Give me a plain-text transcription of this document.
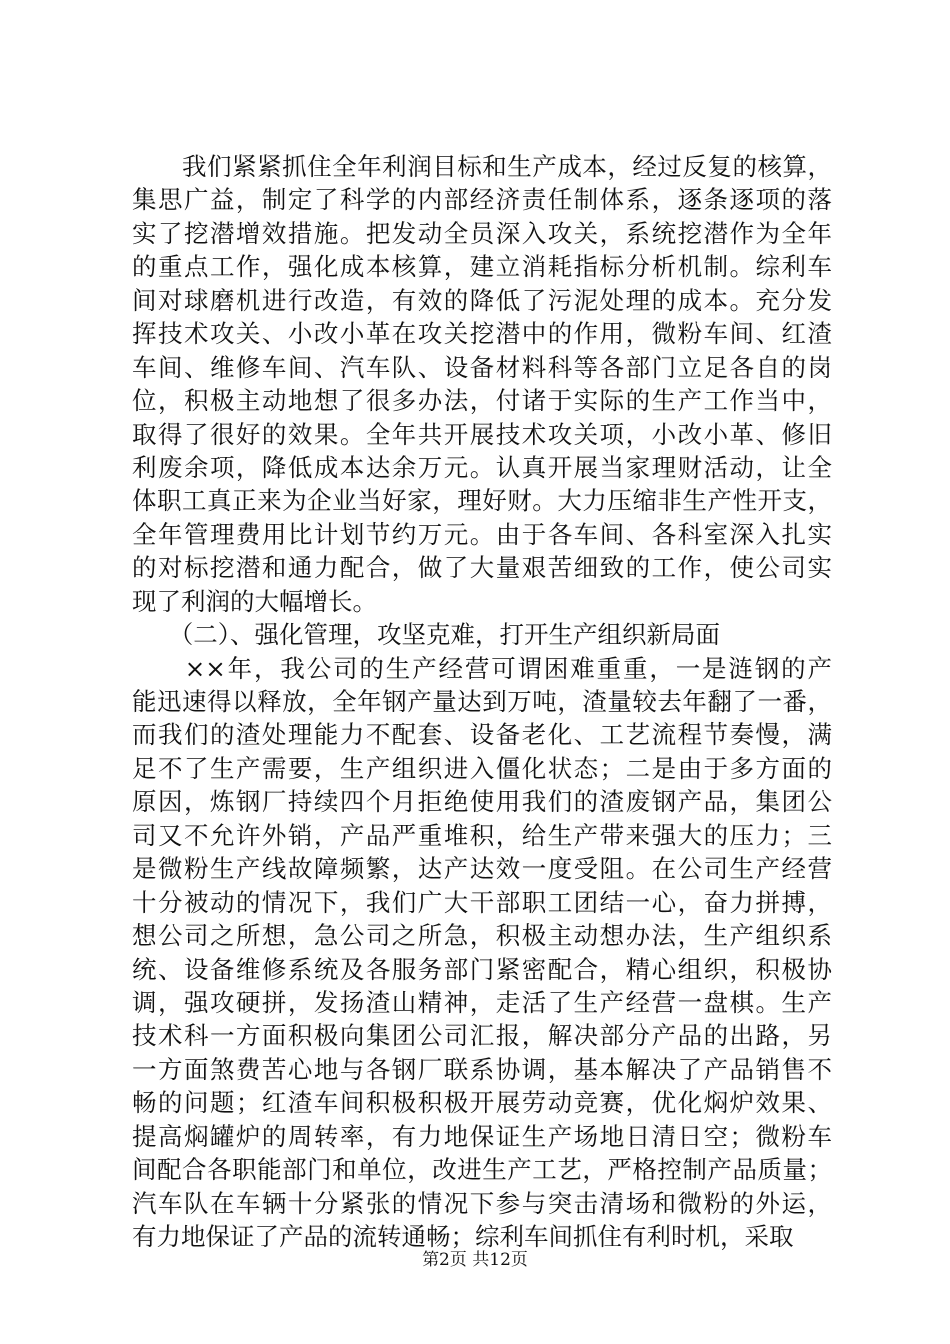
　　我们紧紧抓住全年利润目标和生产成本，经过反复的核算，
集思广益，制定了科学的内部经济责任制体系，逐条逐项的落
实了挖潜增效措施。把发动全员深入攻关，系统挖潜作为全年
的重点工作，强化成本核算，建立消耗指标分析机制。综利车
间对球磨机进行改造，有效的降低了污泥处理的成本。充分发
挥技术攻关、小改小革在攻关挖潜中的作用，微粉车间、红渣
车间、维修车间、汽车队、设备材料科等各部门立足各自的岗
位，积极主动地想了很多办法，付诸于实际的生产工作当中，
取得了很好的效果。全年共开展技术攻关项，小改小革、修旧
利废余项，降低成本达余万元。认真开展当家理财活动，让全
体职工真正来为企业当好家，理好财。大力压缩非生产性开支，
全年管理费用比计划节约万元。由于各车间、各科室深入扎实
的对标挖潜和通力配合，做了大量艰苦细致的工作，使公司实
现了利润的大幅增长。
　　（二）、强化管理，攻坚克难，打开生产组织新局面
　　××年，我公司的生产经营可谓困难重重，一是涟钢的产
能迅速得以释放，全年钢产量达到万吨，渣量较去年翻了一番，
而我们的渣处理能力不配套、设备老化、工艺流程节奏慢，满
足不了生产需要，生产组织进入僵化状态；二是由于多方面的
原因，炼钢厂持续四个月拒绝使用我们的渣废钢产品，集团公
司又不允许外销，产品严重堆积，给生产带来强大的压力；三
是微粉生产线故障频繁，达产达效一度受阻。在公司生产经营
十分被动的情况下，我们广大干部职工团结一心，奋力拼搏，
想公司之所想，急公司之所急，积极主动想办法，生产组织系
统、设备维修系统及各服务部门紧密配合，精心组织，积极协
调，强攻硬拼，发扬渣山精神，走活了生产经营一盘棋。生产
技术科一方面积极向集团公司汇报，解决部分产品的出路，另
一方面煞费苦心地与各钢厂联系协调，基本解决了产品销售不
畅的问题；红渣车间积极积极开展劳动竞赛，优化焖炉效果、
提高焖罐炉的周转率，有力地保证生产场地日清日空；微粉车
间配合各职能部门和单位，改进生产工艺，严格控制产品质量；
汽车队在车辆十分紧张的情况下参与突击清场和微粉的外运，
有力地保证了产品的流转通畅；综利车间抓住有利时机，采取
第2页 共12页
